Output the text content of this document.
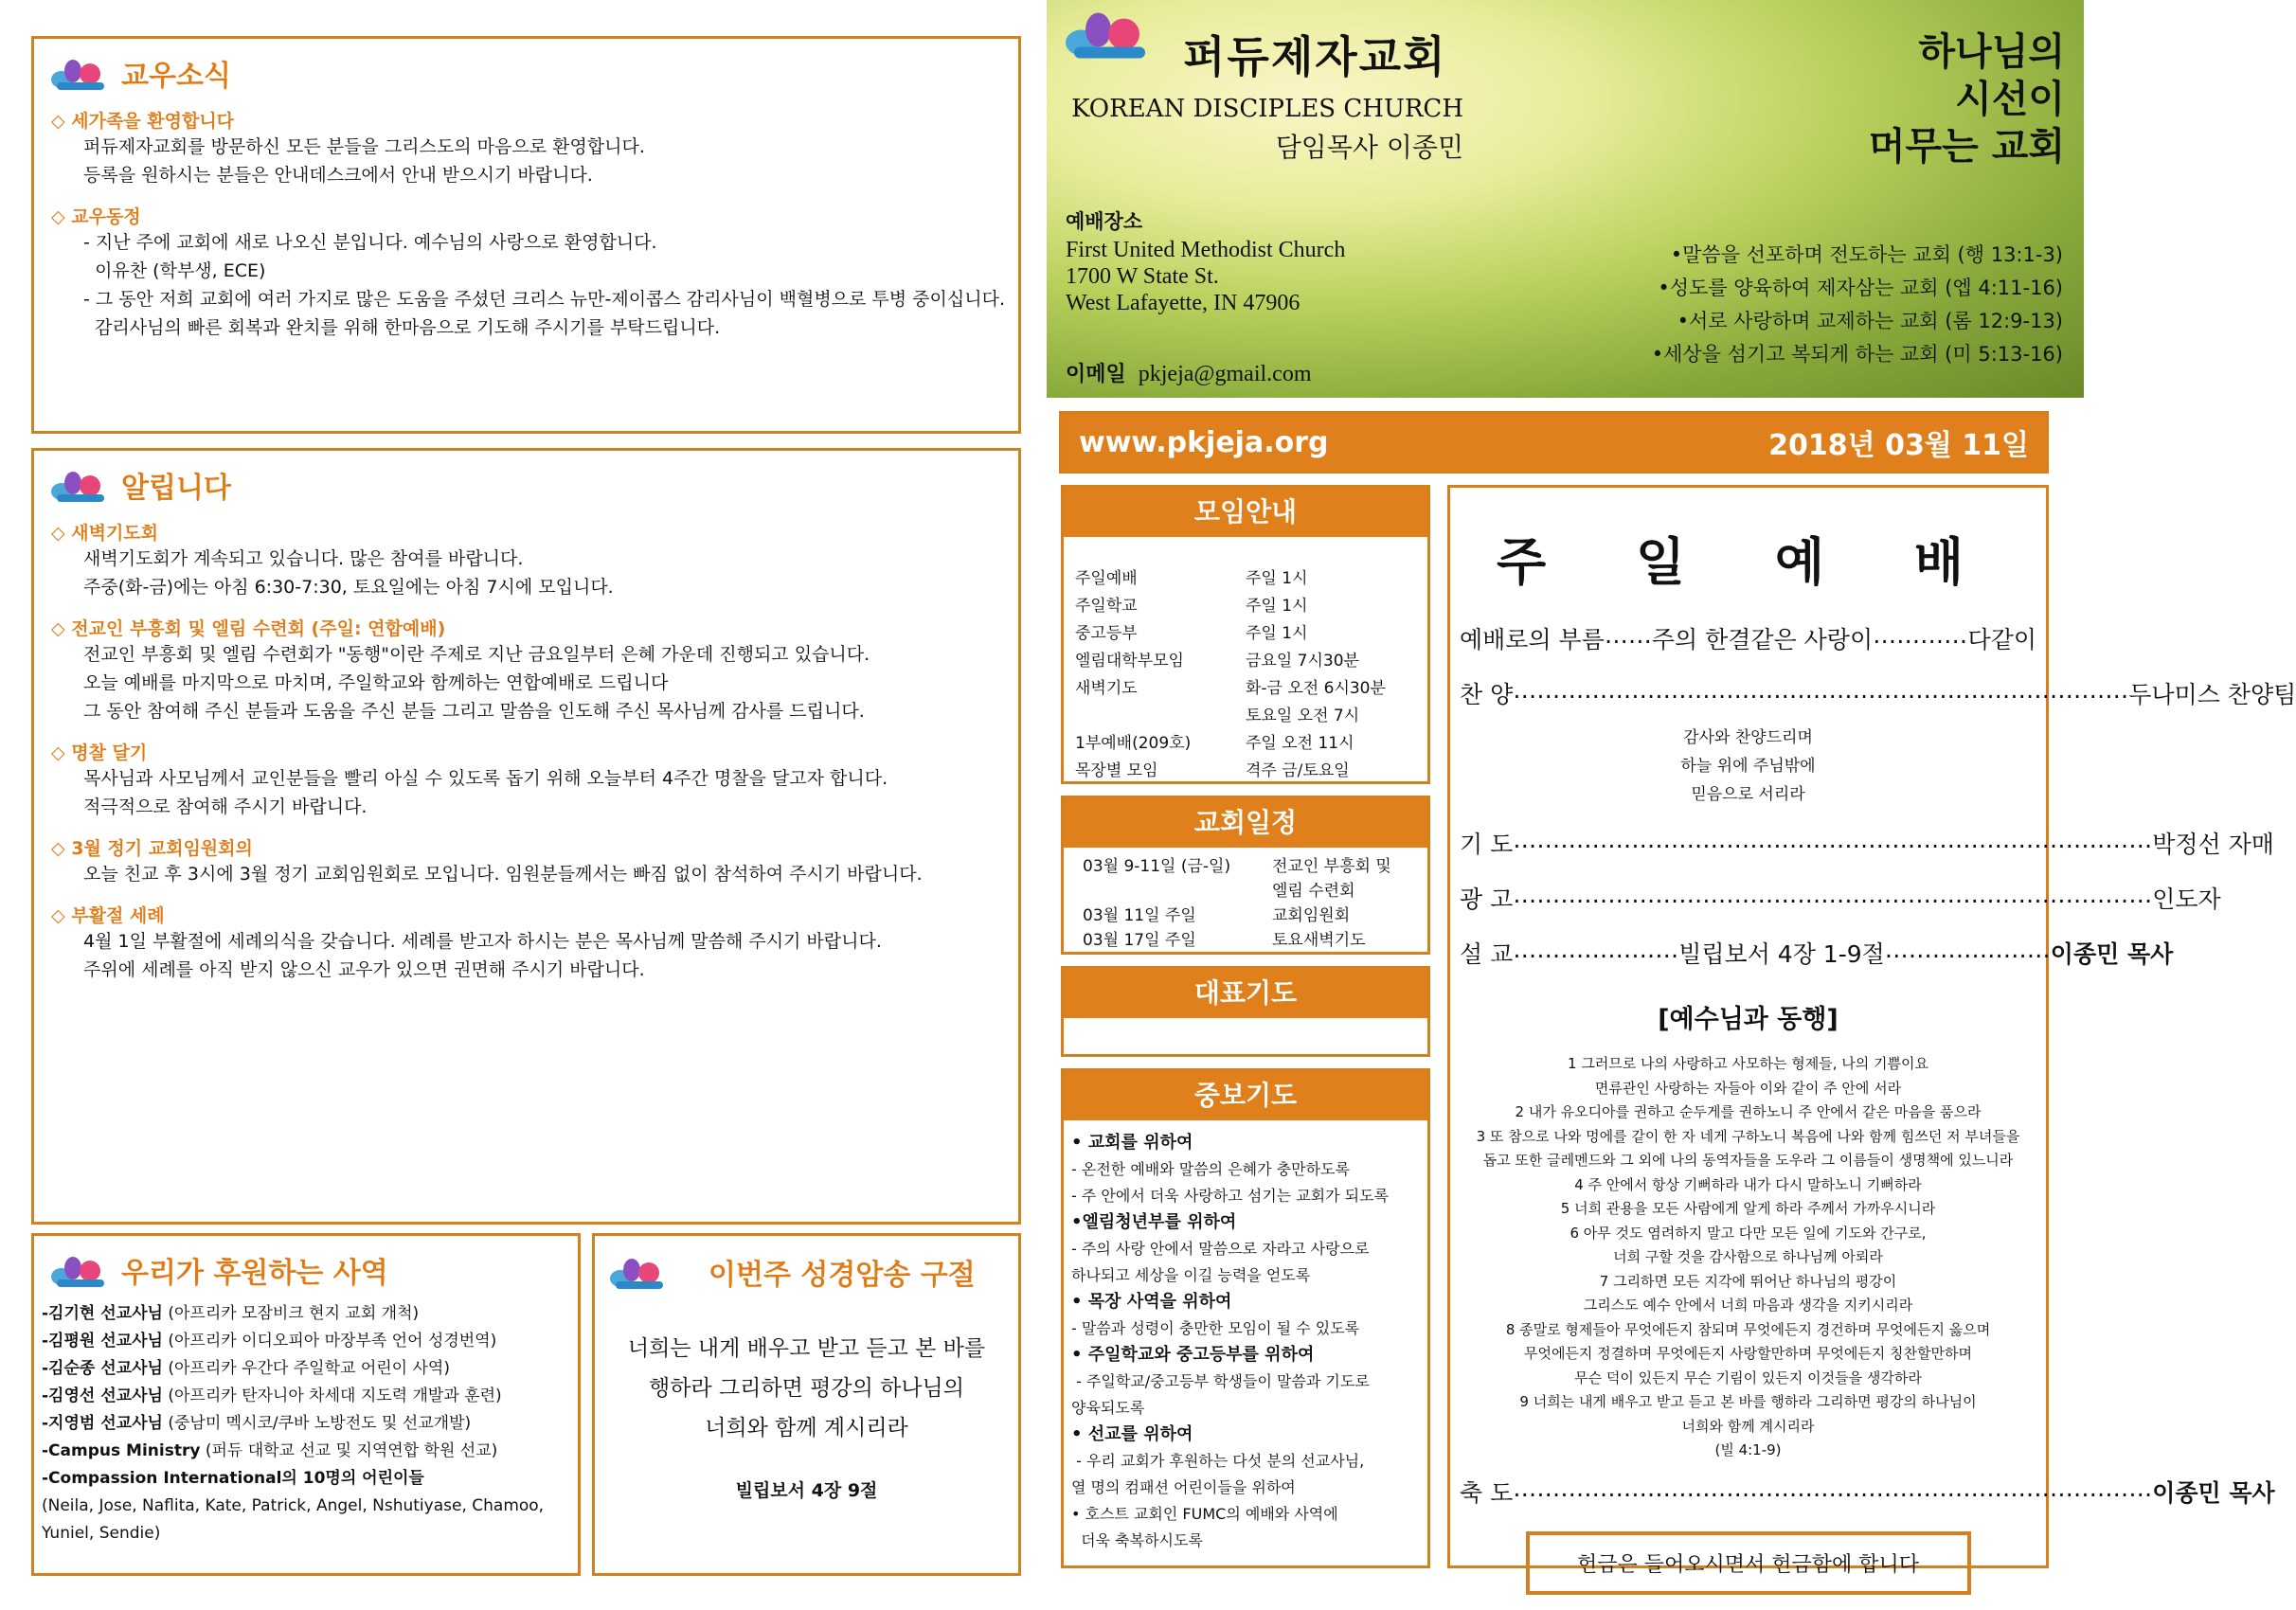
교우소식
◇ 세가족을 환영합니다
퍼듀제자교회를 방문하신 모든 분들을 그리스도의 마음으로 환영합니다.
등록을 원하시는 분들은 안내데스크에서 안내 받으시기 바랍니다.
◇ 교우동정
- 지난 주에 교회에 새로 나오신 분입니다. 예수님의 사랑으로 환영합니다.
이유찬 (학부생, ECE)
- 그 동안 저희 교회에 여러 가지로 많은 도움을 주셨던 크리스 뉴만-제이콥스 감리사님이 백혈병으로 투병 중이십니다.
감리사님의 빠른 회복과 완치를 위해 한마음으로 기도해 주시기를 부탁드립니다.
알립니다
◇ 새벽기도회
새벽기도회가 계속되고 있습니다. 많은 참여를 바랍니다.
주중(화-금)에는 아침 6:30-7:30, 토요일에는 아침 7시에 모입니다.
◇ 전교인 부흥회 및 엘림 수련회 (주일: 연합예배)
전교인 부흥회 및 엘림 수련회가 "동행"이란 주제로 지난 금요일부터 은혜 가운데 진행되고 있습니다.
오늘 예배를 마지막으로 마치며, 주일학교와 함께하는 연합예배로 드립니다
그 동안 참여해 주신 분들과 도움을 주신 분들 그리고 말씀을 인도해 주신 목사님께 감사를 드립니다.
◇ 명찰 달기
목사님과 사모님께서 교인분들을 빨리 아실 수 있도록 돕기 위해 오늘부터 4주간 명찰을 달고자 합니다.
적극적으로 참여해 주시기 바랍니다.
◇ 3월 정기 교회임원회의
오늘 친교 후 3시에 3월 정기 교회임원회로 모입니다. 임원분들께서는 빠짐 없이 참석하여 주시기 바랍니다.
◇ 부활절 세례
4월 1일 부활절에 세례의식을 갖습니다. 세례를 받고자 하시는 분은 목사님께 말씀해 주시기 바랍니다.
주위에 세례를 아직 받지 않으신 교우가 있으면 권면해 주시기 바랍니다.
우리가 후원하는 사역
-김기현 선교사님 (아프리카 모잠비크 현지 교회 개척)
-김평원 선교사님 (아프리카 이디오피아 마장부족 언어 성경번역)
-김순종 선교사님 (아프리카 우간다 주일학교 어린이 사역)
-김영선 선교사님 (아프리카 탄자니아 차세대 지도력 개발과 훈련)
-지영범 선교사님 (중남미 멕시코/쿠바 노방전도 및 선교개발)
-Campus Ministry (퍼듀 대학교 선교 및 지역연합 학원 선교)
-Compassion International의 10명의 어린이들
(Neila, Jose, Naflita, Kate, Patrick, Angel, Nshutiyase, Chamoo, Yuniel, Sendie)
이번주 성경암송 구절
너희는 내게 배우고 받고 듣고 본 바를
행하라 그리하면 평강의 하나님의
너희와 함께 계시리라
빌립보서 4장 9절
퍼듀제자교회
KOREAN DISCIPLES CHURCH
담임목사 이종민
하나님의
시선이
머무는 교회
예배장소
First United Methodist Church
1700 W State St.
West Lafayette, IN 47906
이메일 pkjeja@gmail.com
•말씀을 선포하며 전도하는 교회 (행 13:1-3)
•성도를 양육하여 제자삼는 교회 (엡 4:11-16)
•서로 사랑하며 교제하는 교회 (롬 12:9-13)
•세상을 섬기고 복되게 하는 교회 (미 5:13-16)
www.pkjeja.org	2018년 03월 11일
모임안내
주일예배	주일 1시
주일학교	주일 1시
중고등부	주일 1시
엘림대학부모임	금요일 7시30분
새벽기도	화-금 오전 6시30분
토요일 오전 7시
1부예배(209호)	주일 오전 11시
목장별 모임	격주 금/토요일
교회일정
03월 9-11일 (금-일)	전교인 부흥회 및
엘림 수련회
03월 11일 주일	교회임원회
03월 17일 주일	토요새벽기도
대표기도
중보기도
• 교회를 위하여
- 온전한 예배와 말씀의 은혜가 충만하도록
- 주 안에서 더욱 사랑하고 섬기는 교회가 되도록
•엘림청년부를 위하여
- 주의 사랑 안에서 말씀으로 자라고 사랑으로
하나되고 세상을 이길 능력을 얻도록
• 목장 사역을 위하여
- 말씀과 성령이 충만한 모임이 될 수 있도록
• 주일학교와 중고등부를 위하여
- 주일학교/중고등부 학생들이 말씀과 기도로
양육되도록
• 선교를 위하여
- 우리 교회가 후원하는 다섯 분의 선교사님,
열 명의 컴패션 어린이들을 위하여
• 호스트 교회인 FUMC의 예배와 사역에
더욱 축복하시도록
주 일 예 배
예배로의 부름 …… 주의 한결같은 사랑이 ………… 다같이
찬 양 …………………………………………………………………… 두나미스 찬양팀
감사와 찬양드리며
하늘 위에 주님밖에
믿음으로 서리라
기 도 ……………………………………………………………………… 박정선 자매
광 고 ……………………………………………………………………… 인도자
설 교 ………………… 빌립보서 4장 1-9절 ………………… 이종민 목사
[예수님과 동행]
1 그러므로 나의 사랑하고 사모하는 형제들, 나의 기쁨이요
면류관인 사랑하는 자들아 이와 같이 주 안에 서라
2 내가 유오디아를 권하고 순두게를 권하노니 주 안에서 같은 마음을 품으라
3 또 참으로 나와 멍에를 같이 한 자 네게 구하노니 복음에 나와 함께 힘쓰던 저 부녀들을
돕고 또한 글레멘드와 그 외에 나의 동역자들을 도우라 그 이름들이 생명책에 있느니라
4 주 안에서 항상 기뻐하라 내가 다시 말하노니 기뻐하라
5 너희 관용을 모든 사람에게 알게 하라 주께서 가까우시니라
6 아무 것도 염려하지 말고 다만 모든 일에 기도와 간구로,
너희 구할 것을 감사함으로 하나님께 아뢰라
7 그리하면 모든 지각에 뛰어난 하나님의 평강이
그리스도 예수 안에서 너희 마음과 생각을 지키시리라
8 종말로 형제들아 무엇에든지 참되며 무엇에든지 경건하며 무엇에든지 옳으며
무엇에든지 정결하며 무엇에든지 사랑할만하며 무엇에든지 칭찬할만하며
무슨 덕이 있든지 무슨 기림이 있든지 이것들을 생각하라
9 너희는 내게 배우고 받고 듣고 본 바를 행하라 그리하면 평강의 하나님이
너희와 함께 계시리라
(빌 4:1-9)
축 도 ……………………………………………………………………… 이종민 목사
헌금은 들어오시면서 헌금함에 합니다
